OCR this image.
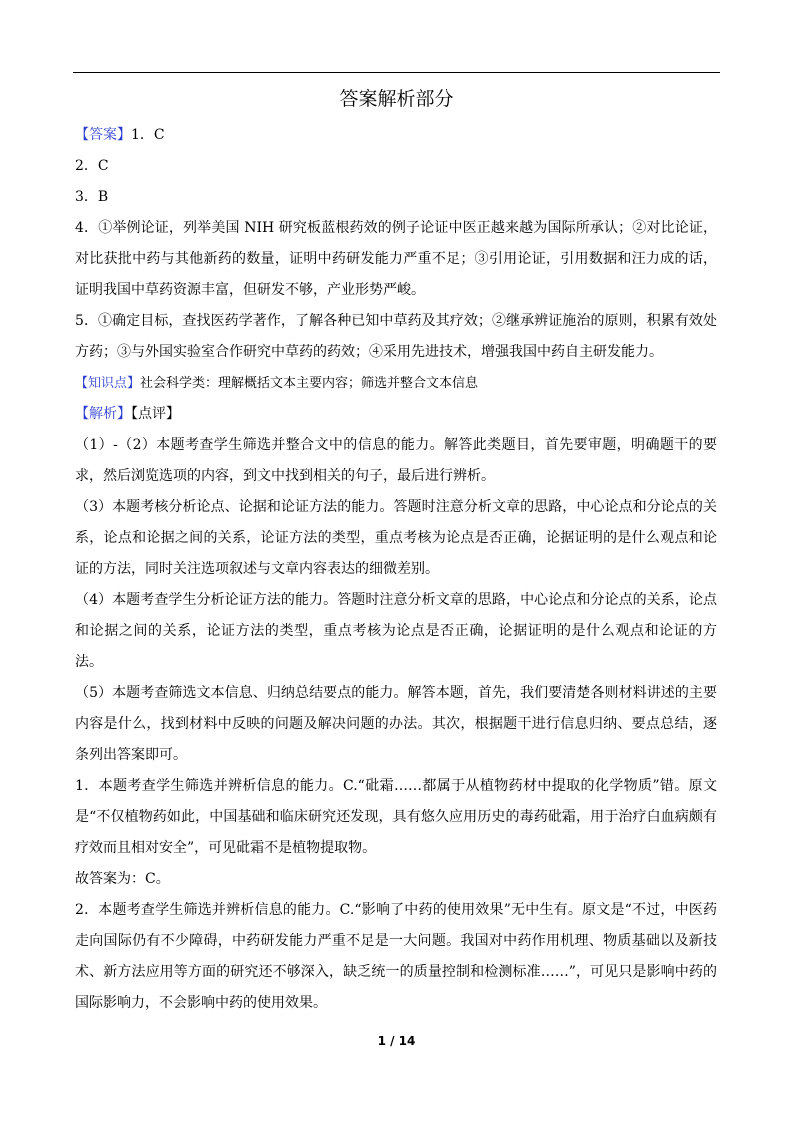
答案解析部分

【答案】1．C

2．C

3．B

4．①举例论证，列举美国 NIH 研究板蓝根药效的例子论证中医正越来越为国际所承认；②对比论证，对比获批中药与其他新药的数量，证明中药研发能力严重不足；③引用论证，引用数据和汪力成的话，证明我国中草药资源丰富，但研发不够，产业形势严峻。

5．①确定目标，查找医药学著作，了解各种已知中草药及其疗效；②继承辨证施治的原则，积累有效处方药；③与外国实验室合作研究中草药的药效；④采用先进技术，增强我国中药自主研发能力。

【知识点】社会科学类：理解概括文本主要内容；筛选并整合文本信息

【解析】【点评】

（1）-（2）本题考查学生筛选并整合文中的信息的能力。解答此类题目，首先要审题，明确题干的要求，然后浏览选项的内容，到文中找到相关的句子，最后进行辨析。

（3）本题考核分析论点、论据和论证方法的能力。答题时注意分析文章的思路，中心论点和分论点的关系，论点和论据之间的关系，论证方法的类型，重点考核为论点是否正确，论据证明的是什么观点和论证的方法，同时关注选项叙述与文章内容表达的细微差别。

（4）本题考查学生分析论证方法的能力。答题时注意分析文章的思路，中心论点和分论点的关系，论点和论据之间的关系，论证方法的类型，重点考核为论点是否正确，论据证明的是什么观点和论证的方法。

（5）本题考查筛选文本信息、归纳总结要点的能力。解答本题，首先，我们要清楚各则材料讲述的主要内容是什么，找到材料中反映的问题及解决问题的办法。其次，根据题干进行信息归纳、要点总结，逐条列出答案即可。

1．本题考查学生筛选并辨析信息的能力。C.“砒霜……都属于从植物药材中提取的化学物质”错。原文是“不仅植物药如此，中国基础和临床研究还发现，具有悠久应用历史的毒药砒霜，用于治疗白血病颇有疗效而且相对安全”，可见砒霜不是植物提取物。

故答案为：C。

2．本题考查学生筛选并辨析信息的能力。C.“影响了中药的使用效果”无中生有。原文是“不过，中医药走向国际仍有不少障碍，中药研发能力严重不足是一大问题。我国对中药作用机理、物质基础以及新技术、新方法应用等方面的研究还不够深入，缺乏统一的质量控制和检测标准……”，可见只是影响中药的国际影响力，不会影响中药的使用效果。

1 / 14
